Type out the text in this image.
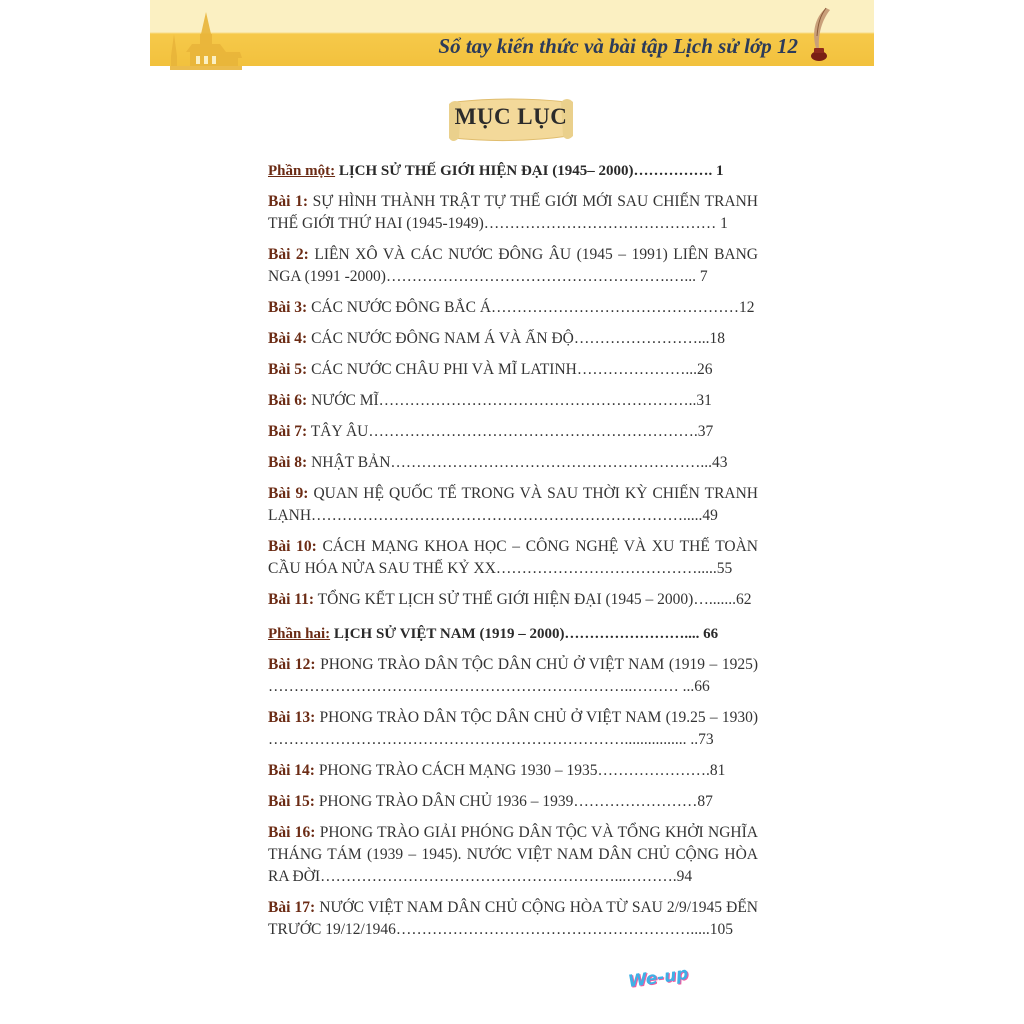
Sổ tay kiến thức và bài tập Lịch sử lớp 12
MỤC LỤC
Phần một: LỊCH SỬ THẾ GIỚI HIỆN ĐẠI (1945– 2000)……………. 1
Bài 1: SỰ HÌNH THÀNH TRẬT TỰ THẾ GIỚI MỚI SAU CHIẾN TRANH THẾ GIỚI THỨ HAI (1945-1949)……………………………………… 1
Bài 2: LIÊN XÔ VÀ CÁC NƯỚC ĐÔNG ÂU (1945 – 1991) LIÊN BANG NGA (1991 -2000)……………………………………………….…... 7
Bài 3: CÁC NƯỚC ĐÔNG BẮC Á…………………………………………12
Bài 4: CÁC NƯỚC ĐÔNG NAM Á VÀ ẤN ĐỘ……………………...18
Bài 5: CÁC NƯỚC CHÂU PHI VÀ MĨ LATINH…………………...26
Bài 6: NƯỚC MĨ……………………………………………………..31
Bài 7: TÂY ÂU……………………………………………………….37
Bài 8: NHẬT BẢN……………………………………………………...43
Bài 9: QUAN HỆ QUỐC TẾ TRONG VÀ SAU THỜI KỲ CHIẾN TRANH LẠNH……………………………………………………………….....49
Bài 10: CÁCH MẠNG KHOA HỌC – CÔNG NGHỆ VÀ XU THẾ TOÀN CẦU HÓA NỬA SAU THẾ KỶ XX………………………………….....55
Bài 11: TỔNG KẾT LỊCH SỬ THẾ GIỚI HIỆN ĐẠI (1945 – 2000)….......62
Phần hai: LỊCH SỬ VIỆT NAM (1919 – 2000)…………………….... 66
Bài 12: PHONG TRÀO DÂN TỘC DÂN CHỦ Ở VIỆT NAM (1919 – 1925) ……………………………………………………………..……… ...66
Bài 13: PHONG TRÀO DÂN TỘC DÂN CHỦ Ở VIỆT NAM (19.25 – 1930) ……………………………………………………………................ ..73
Bài 14: PHONG TRÀO CÁCH MẠNG 1930 – 1935………………….81
Bài 15: PHONG TRÀO DÂN CHỦ 1936 – 1939……………………87
Bài 16: PHONG TRÀO GIẢI PHÓNG DÂN TỘC VÀ TỔNG KHỞI NGHĨA THÁNG TÁM (1939 – 1945). NƯỚC VIỆT NAM DÂN CHỦ CỘNG HÒA RA ĐỜI…………………………………………………...……….94
Bài 17: NƯỚC VIỆT NAM DÂN CHỦ CỘNG HÒA TỪ SAU 2/9/1945 ĐẾN TRƯỚC 19/12/1946………………………………………………….....105
We-up
